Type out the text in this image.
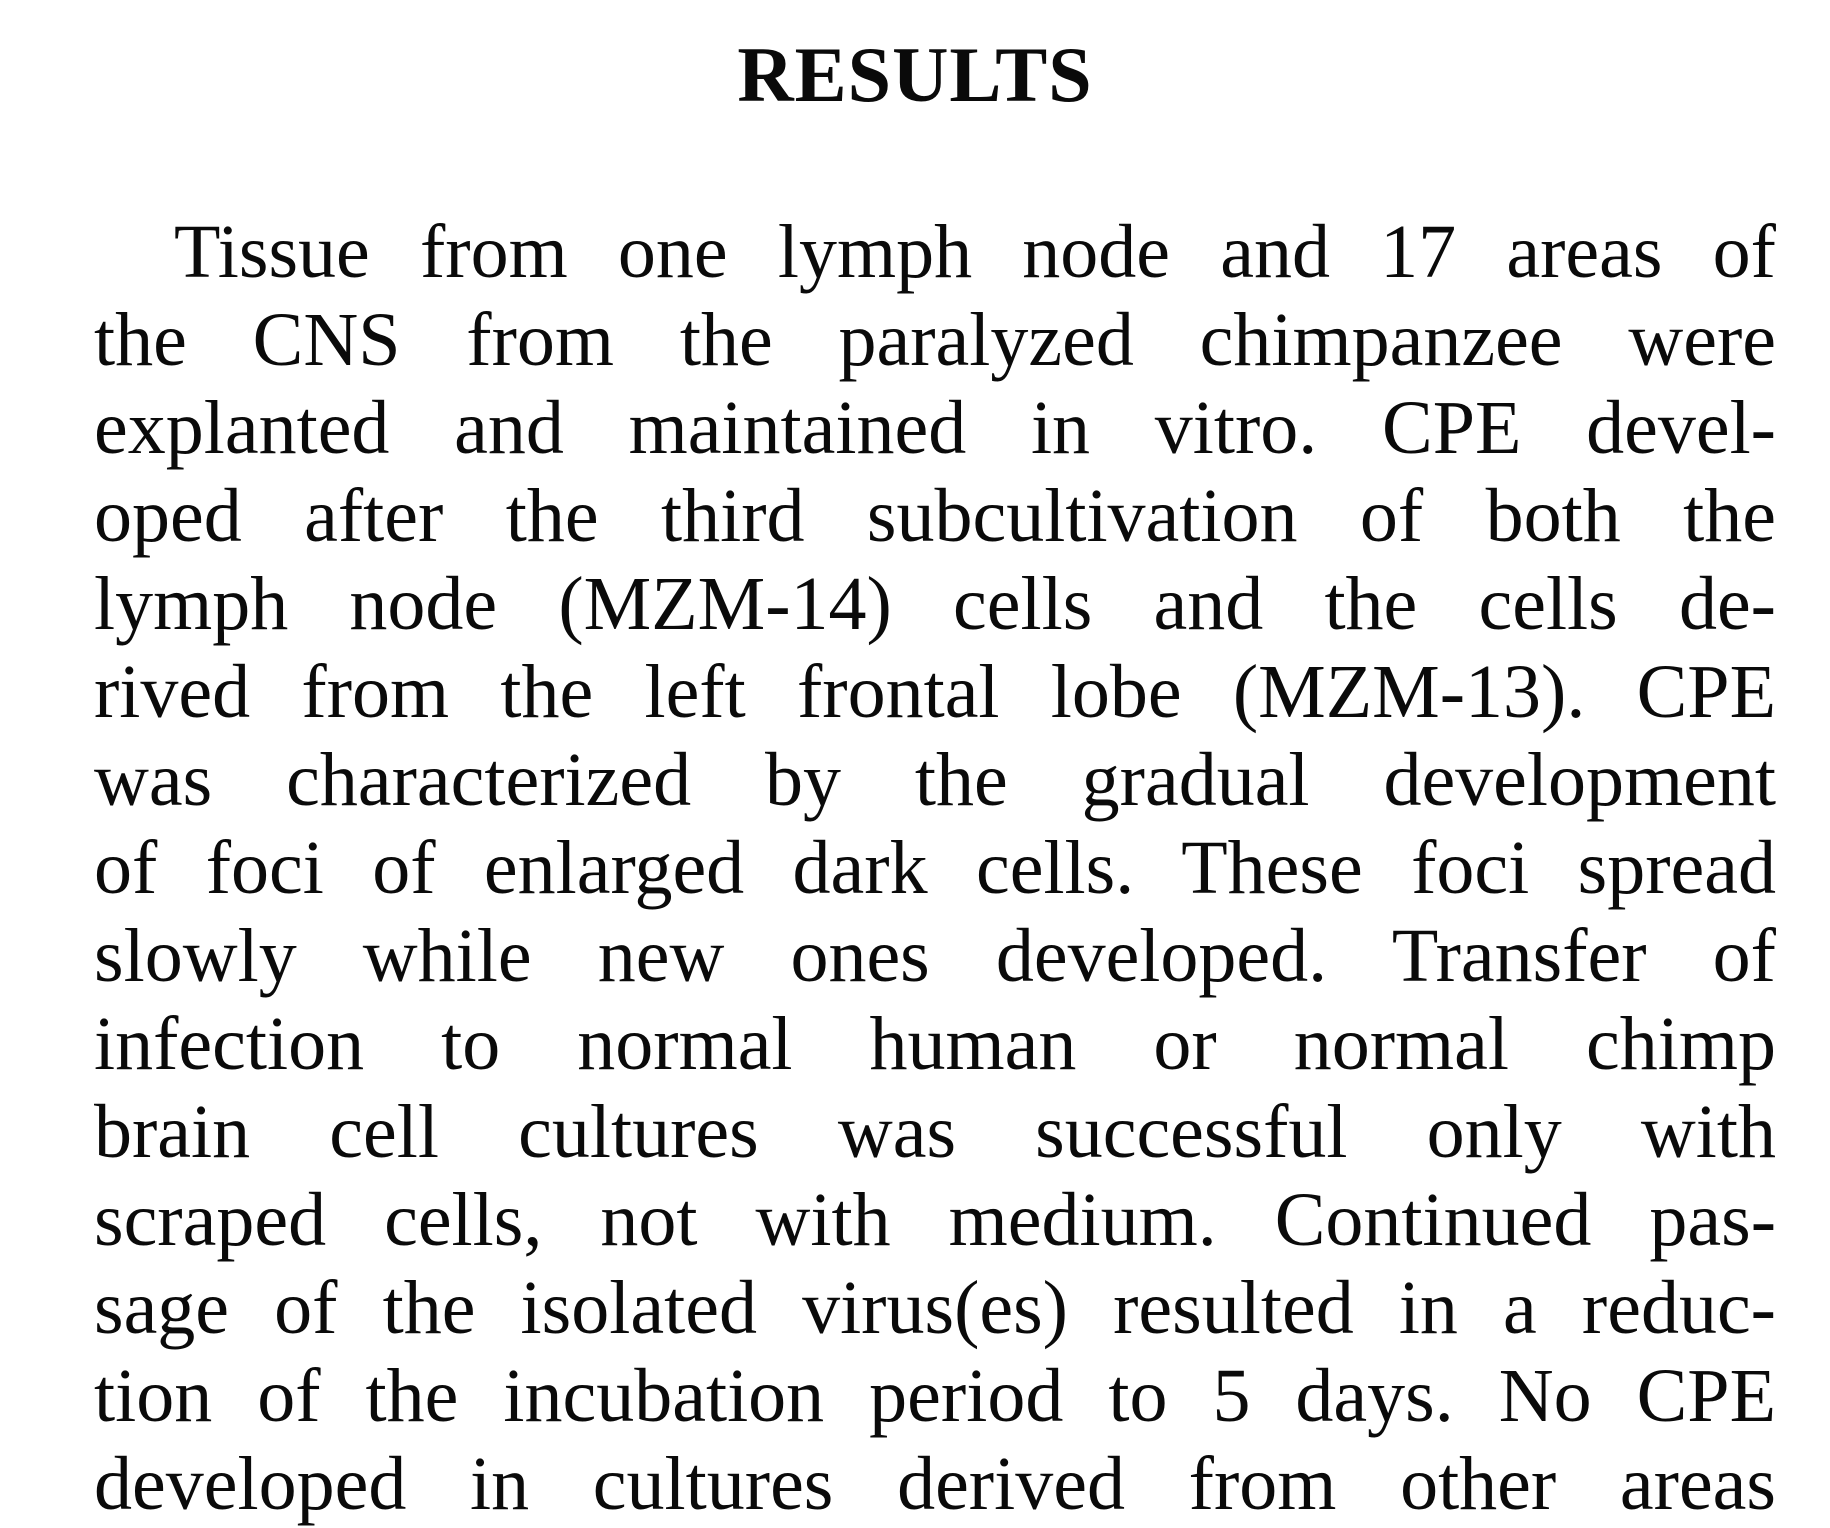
RESULTS
Tissue from one lymph node and 17 areas of
the CNS from the paralyzed chimpanzee were
explanted and maintained in vitro. CPE devel-
oped after the third subcultivation of both the
lymph node (MZM-14) cells and the cells de-
rived from the left frontal lobe (MZM-13). CPE
was characterized by the gradual development
of foci of enlarged dark cells. These foci spread
slowly while new ones developed. Transfer of
infection to normal human or normal chimp
brain cell cultures was successful only with
scraped cells, not with medium. Continued pas-
sage of the isolated virus(es) resulted in a reduc-
tion of the incubation period to 5 days. No CPE
developed in cultures derived from other areas
